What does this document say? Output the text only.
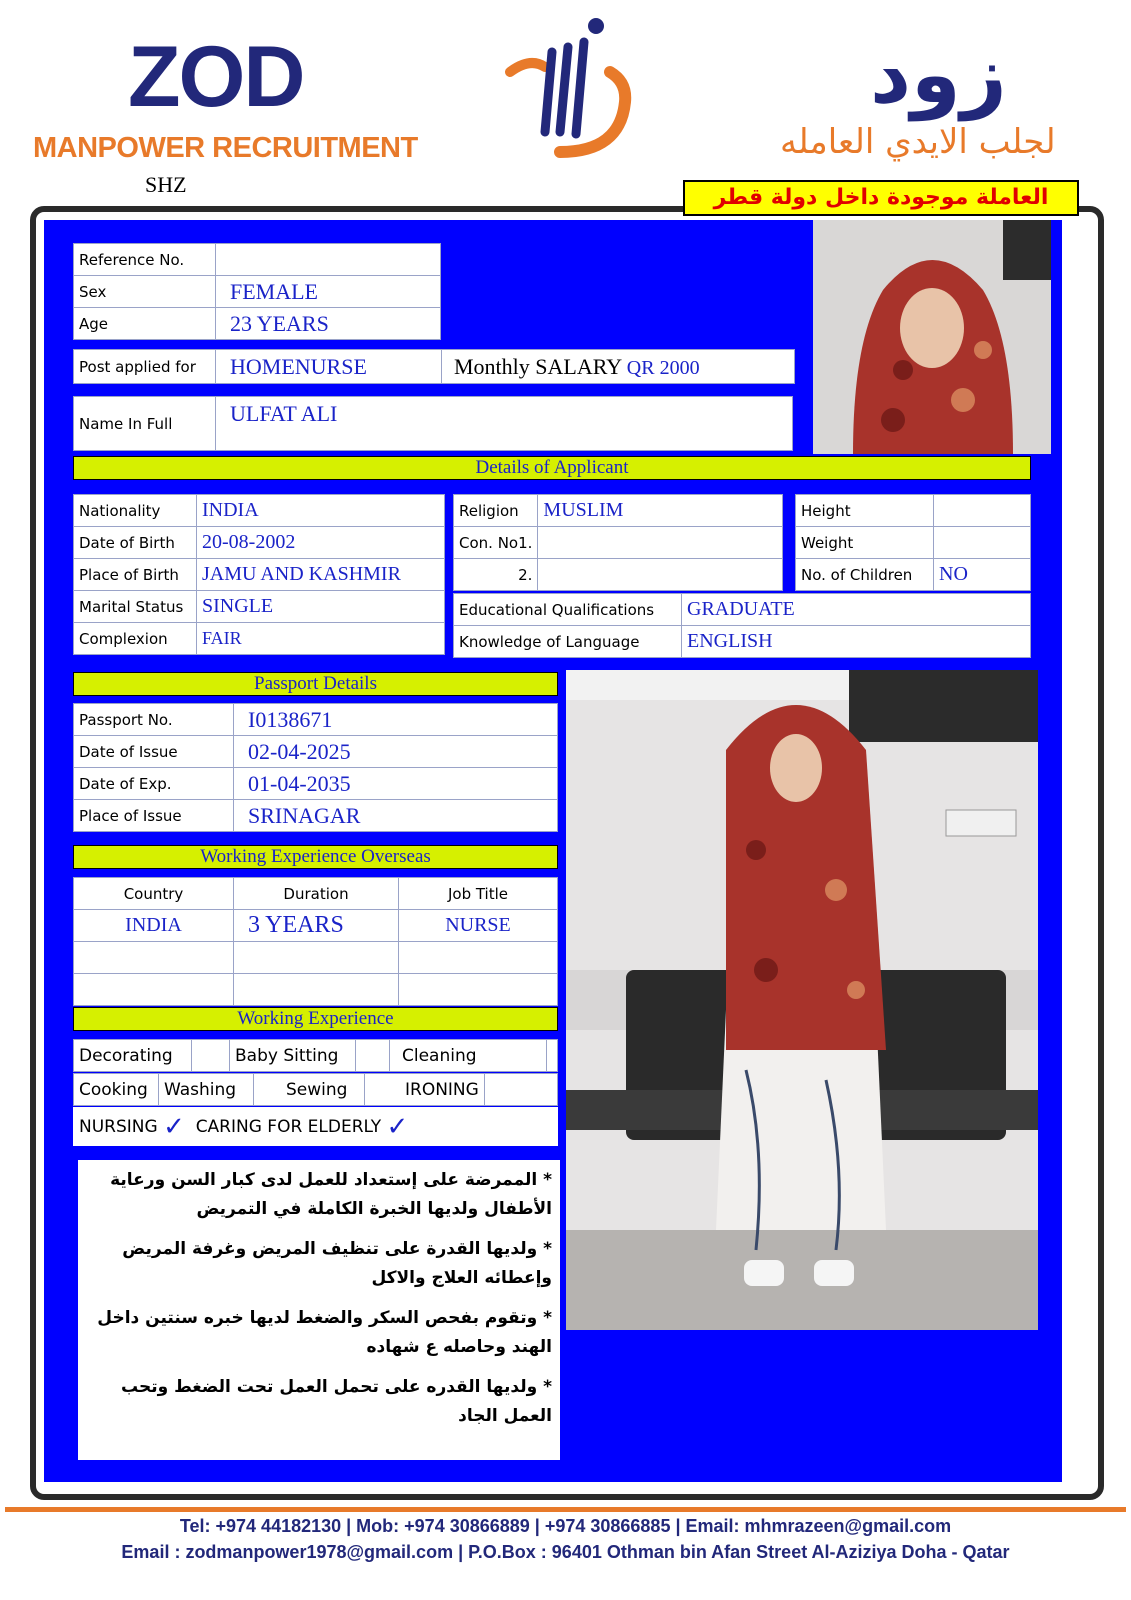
ZOD
MANPOWER RECRUITMENT
SHZ
زود
لجلب الايدي العامله
العاملة موجودة داخل دولة قطر
Reference No.	
Sex	FEMALE
Age	23 YEARS
Post applied for	HOMENURSE	Monthly SALARY QR 2000
Name In Full	ULFAT ALI
Details of Applicant
Nationality	INDIA
Date of Birth	20-08-2002
Place of Birth	JAMU AND KASHMIR
Marital Status	SINGLE
Complexion	FAIR
Religion	MUSLIM
Con. No1.	
2.	
Height	
Weight	
No. of Children	NO
Educational Qualifications	GRADUATE
Knowledge of Language	ENGLISH
Passport Details
Passport No.	I0138671
Date of Issue	02-04-2025
Date of Exp.	01-04-2035
Place of Issue	SRINAGAR
Working Experience Overseas
Country	Duration	Job Title
INDIA	3 YEARS	NURSE

Working Experience
Decorating		Baby Sitting		Cleaning	
Cooking	Washing	Sewing	IRONING	
NURSING ✓ CARING FOR ELDERLY ✓

* الممرضة على إستعداد للعمل لدى كبار السن ورعاية الأطفال ولديها الخبرة الكاملة في التمريض

* ولديها القدرة على تنظيف المريض وغرفة المريض وإعطائه العلاج والاكل

* وتقوم بفحص السكر والضغط لديها خبره سنتين داخل الهند وحاصله ع شهاده

* ولديها القدره على تحمل العمل تحت الضغط وتحب العمل الجاد

Tel: +974 44182130 | Mob: +974 30866889 | +974 30866885 | Email: mhmrazeen@gmail.com
Email : zodmanpower1978@gmail.com | P.O.Box : 96401 Othman bin Afan Street Al-Aziziya Doha - Qatar
